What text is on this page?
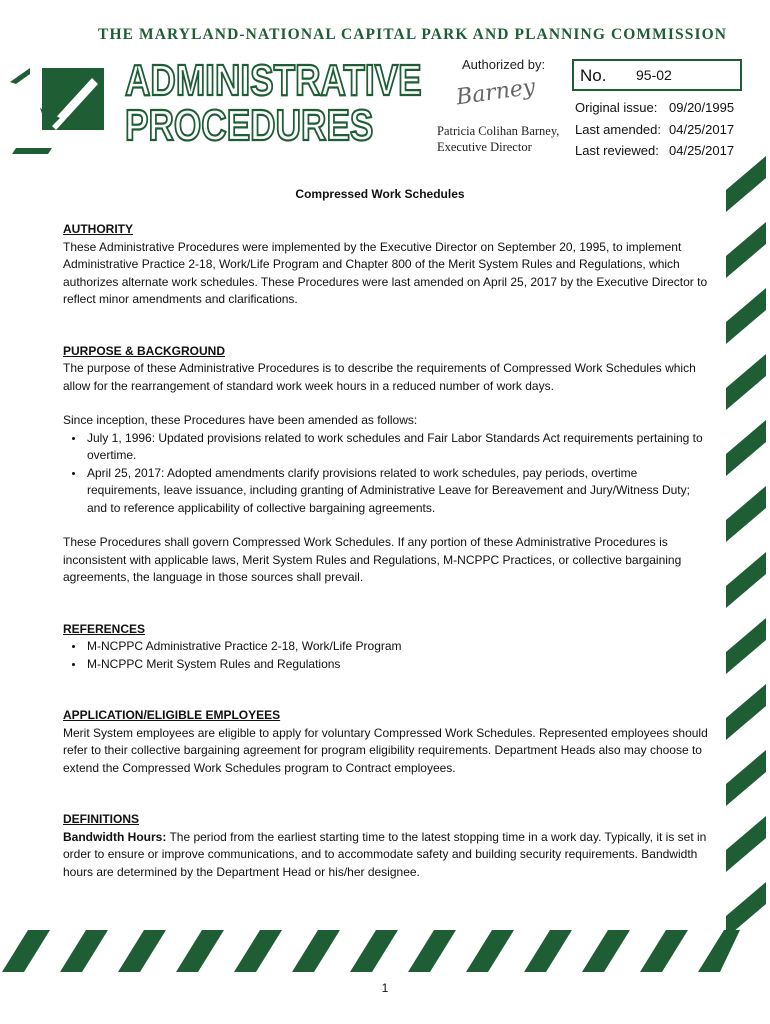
THE MARYLAND-NATIONAL CAPITAL PARK AND PLANNING COMMISSION
ADMINISTRATIVE
PROCEDURES
Authorized by:
Barney
Patricia Colihan Barney,
Executive Director
No. 95-02
Original issue: 09/20/1995
Last amended: 04/25/2017
Last reviewed: 04/25/2017
Compressed Work Schedules
AUTHORITY

These Administrative Procedures were implemented by the Executive Director on September 20, 1995, to implement Administrative Practice 2-18, Work/Life Program and Chapter 800 of the Merit System Rules and Regulations, which authorizes alternate work schedules. These Procedures were last amended on April 25, 2017 by the Executive Director to reflect minor amendments and clarifications.

PURPOSE & BACKGROUND

The purpose of these Administrative Procedures is to describe the requirements of Compressed Work Schedules which allow for the rearrangement of standard work week hours in a reduced number of work days.

Since inception, these Procedures have been amended as follows:

• July 1, 1996: Updated provisions related to work schedules and Fair Labor Standards Act requirements pertaining to overtime.
• April 25, 2017: Adopted amendments clarify provisions related to work schedules, pay periods, overtime requirements, leave issuance, including granting of Administrative Leave for Bereavement and Jury/Witness Duty; and to reference applicability of collective bargaining agreements.

These Procedures shall govern Compressed Work Schedules. If any portion of these Administrative Procedures is inconsistent with applicable laws, Merit System Rules and Regulations, M-NCPPC Practices, or collective bargaining agreements, the language in those sources shall prevail.

REFERENCES
• M-NCPPC Administrative Practice 2-18, Work/Life Program
• M-NCPPC Merit System Rules and Regulations
APPLICATION/ELIGIBLE EMPLOYEES

Merit System employees are eligible to apply for voluntary Compressed Work Schedules. Represented employees should refer to their collective bargaining agreement for program eligibility requirements. Department Heads also may choose to extend the Compressed Work Schedules program to Contract employees.

DEFINITIONS

Bandwidth Hours: The period from the earliest starting time to the latest stopping time in a work day. Typically, it is set in order to ensure or improve communications, and to accommodate safety and building security requirements. Bandwidth hours are determined by the Department Head or his/her designee.

1
